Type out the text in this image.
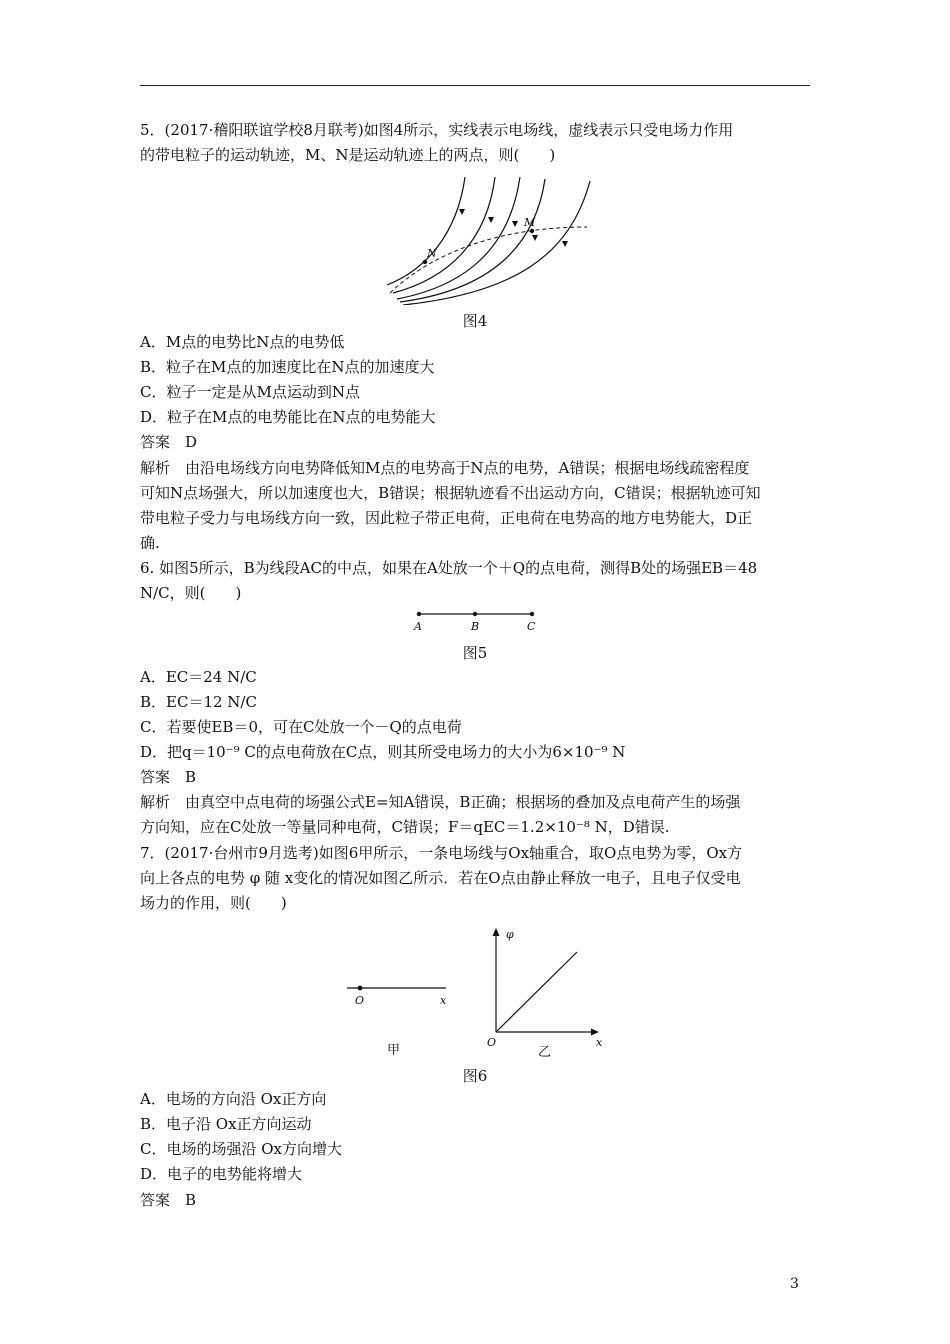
5．(2017·稽阳联谊学校8月联考)如图4所示，实线表示电场线，虚线表示只受电场力作用
的带电粒子的运动轨迹，M、N是运动轨迹上的两点，则(　　)
N
M
图4
A．M点的电势比N点的电势低
B．粒子在M点的加速度比在N点的加速度大
C．粒子一定是从M点运动到N点
D．粒子在M点的电势能比在N点的电势能大
答案　D
解析　由沿电场线方向电势降低知M点的电势高于N点的电势，A错误；根据电场线疏密程度
可知N点场强大，所以加速度也大，B错误；根据轨迹看不出运动方向，C错误；根据轨迹可知
带电粒子受力与电场线方向一致，因此粒子带正电荷，正电荷在电势高的地方电势能大，D正
确.
6. 如图5所示，B为线段AC的中点，如果在A处放一个＋Q的点电荷，测得B处的场强EB＝48
N/C，则(　　)
A	B	C
图5
A．EC＝24 N/C
B．EC＝12 N/C
C．若要使EB＝0，可在C处放一个－Q的点电荷
D．把q＝10⁻⁹ C的点电荷放在C点，则其所受电场力的大小为6×10⁻⁹ N
答案　B
解析　由真空中点电荷的场强公式E=知A错误，B正确；根据场的叠加及点电荷产生的场强
方向知，应在C处放一等量同种电荷，C错误；F＝qEC＝1.2×10⁻⁸ N，D错误.
7．(2017·台州市9月选考)如图6甲所示，一条电场线与Ox轴重合，取O点电势为零，Ox方
向上各点的电势 φ 随 x变化的情况如图乙所示．若在O点由静止释放一电子，且电子仅受电
场力的作用，则(　　)
O	x
甲
φ
O	x
乙
图6
A．电场的方向沿 Ox正方向
B．电子沿 Ox正方向运动
C．电场的场强沿 Ox方向增大
D．电子的电势能将增大
答案　B
3
